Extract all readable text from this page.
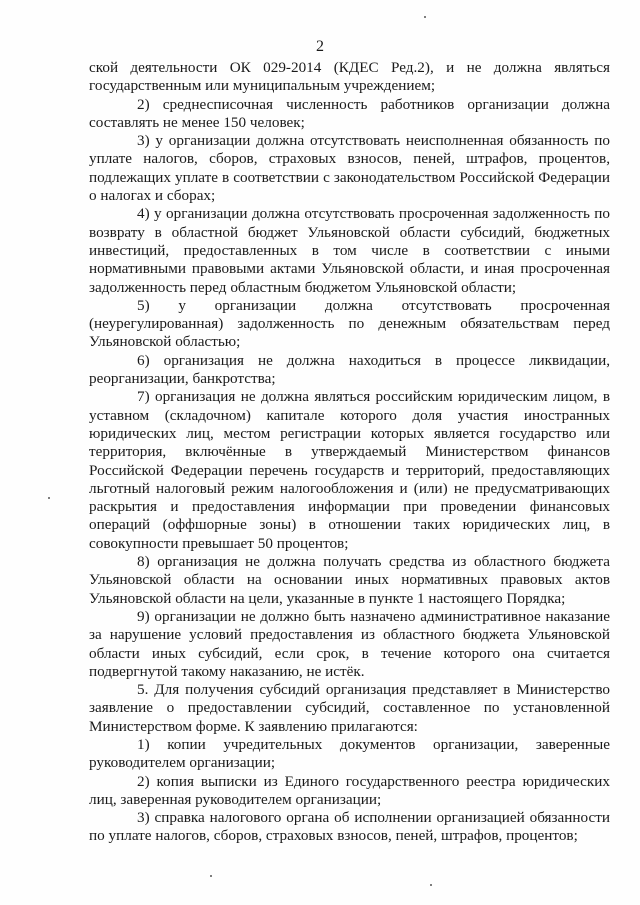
2

ской деятельности ОК 029-2014 (КДЕС Ред.2), и не должна являться государственным или муниципальным учреждением;

2) среднесписочная численность работников организации должна составлять не менее 150 человек;

3) у организации должна отсутствовать неисполненная обязанность по уплате налогов, сборов, страховых взносов, пеней, штрафов, процентов, подлежащих уплате в соответствии с законодательством Российской Федерации о налогах и сборах;

4) у организации должна отсутствовать просроченная задолженность по возврату в областной бюджет Ульяновской области субсидий, бюджетных инвестиций, предоставленных в том числе в соответствии с иными нормативными правовыми актами Ульяновской области, и иная просроченная задолженность перед областным бюджетом Ульяновской области;

5) у организации должна отсутствовать просроченная (неурегулированная) задолженность по денежным обязательствам перед Ульяновской областью;

6) организация не должна находиться в процессе ликвидации, реорганизации, банкротства;

7) организация не должна являться российским юридическим лицом, в уставном (складочном) капитале которого доля участия иностранных юридических лиц, местом регистрации которых является государство или территория, включённые в утверждаемый Министерством финансов Российской Федерации перечень государств и территорий, предоставляющих льготный налоговый режим налогообложения и (или) не предусматривающих раскрытия и предоставления информации при проведении финансовых операций (оффшорные зоны) в отношении таких юридических лиц, в совокупности превышает 50 процентов;

8) организация не должна получать средства из областного бюджета Ульяновской области на основании иных нормативных правовых актов Ульяновской области на цели, указанные в пункте 1 настоящего Порядка;

9) организации не должно быть назначено административное наказание за нарушение условий предоставления из областного бюджета Ульяновской области иных субсидий, если срок, в течение которого она считается подвергнутой такому наказанию, не истёк.

5. Для получения субсидий организация представляет в Министерство заявление о предоставлении субсидий, составленное по установленной Министерством форме. К заявлению прилагаются:

1) копии учредительных документов организации, заверенные руководителем организации;

2) копия выписки из Единого государственного реестра юридических лиц, заверенная руководителем организации;

3) справка налогового органа об исполнении организацией обязанности по уплате налогов, сборов, страховых взносов, пеней, штрафов, процентов;
